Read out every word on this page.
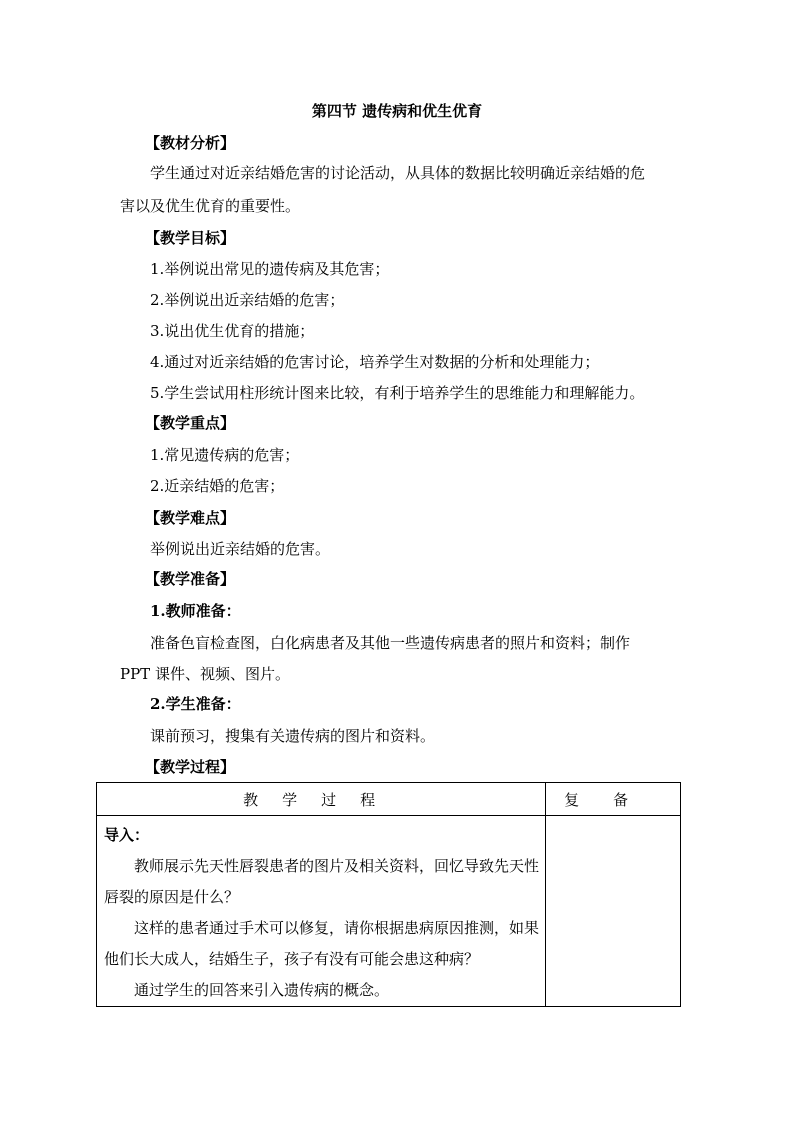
第四节 遗传病和优生优育
【教材分析】
学生通过对近亲结婚危害的讨论活动，从具体的数据比较明确近亲结婚的危
害以及优生优育的重要性。
【教学目标】
1.举例说出常见的遗传病及其危害；
2.举例说出近亲结婚的危害；
3.说出优生优育的措施；
4.通过对近亲结婚的危害讨论，培养学生对数据的分析和处理能力；
5.学生尝试用柱形统计图来比较，有利于培养学生的思维能力和理解能力。
【教学重点】
1.常见遗传病的危害；
2.近亲结婚的危害；
【教学难点】
举例说出近亲结婚的危害。
【教学准备】
1.教师准备：
准备色盲检查图，白化病患者及其他一些遗传病患者的照片和资料；制作
PPT 课件、视频、图片。
2.学生准备：
课前预习，搜集有关遗传病的图片和资料。
【教学过程】
教学过程	复备

导入：
教师展示先天性唇裂患者的图片及相关资料，回忆导致先天性唇裂的原因是什么？
这样的患者通过手术可以修复，请你根据患病原因推测，如果他们长大成人，结婚生子，孩子有没有可能会患这种病？
通过学生的回答来引入遗传病的概念。	
